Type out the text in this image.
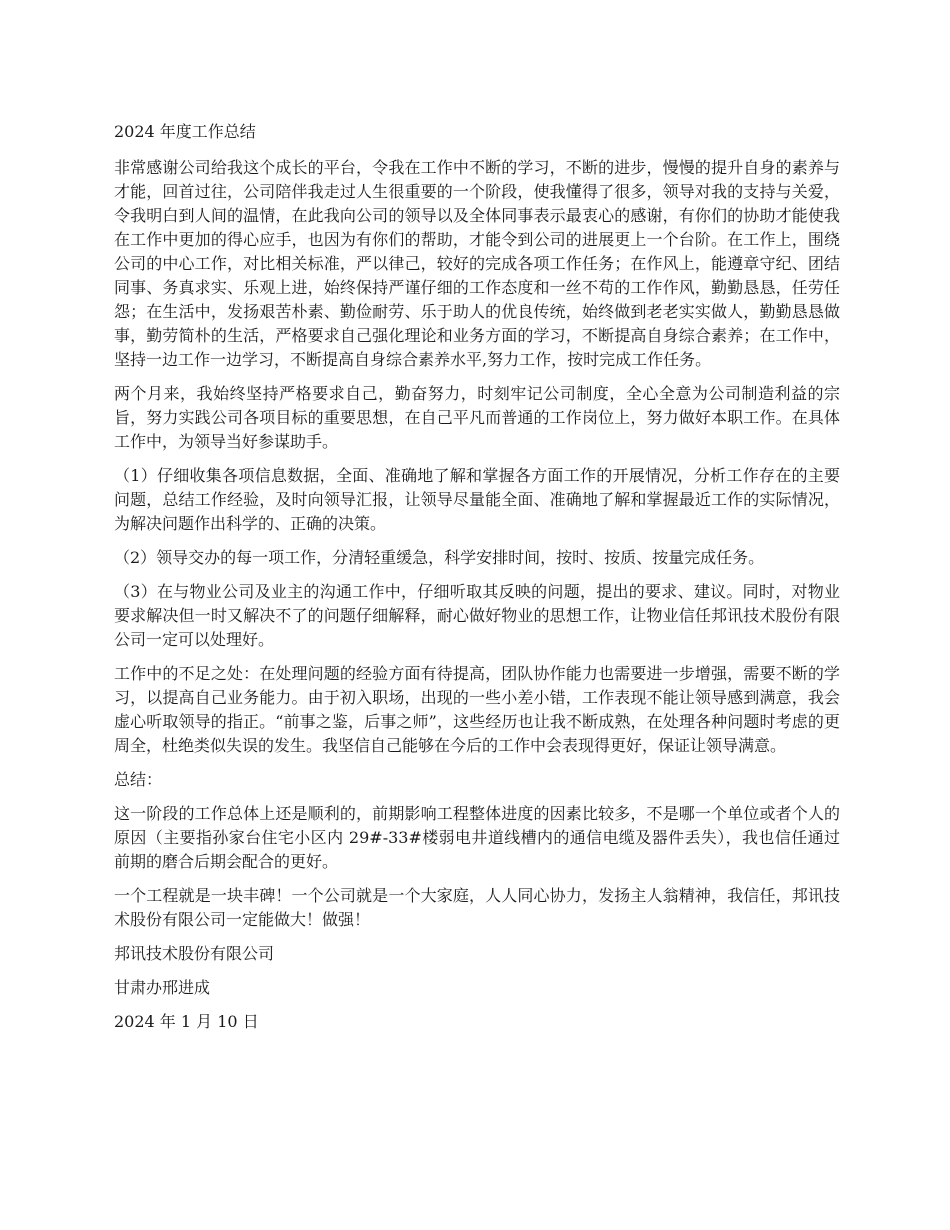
2024 年度工作总结

非常感谢公司给我这个成长的平台，令我在工作中不断的学习，不断的进步，慢慢的提升自身的素养与才能，回首过往，公司陪伴我走过人生很重要的一个阶段，使我懂得了很多，领导对我的支持与关爱，令我明白到人间的温情，在此我向公司的领导以及全体同事表示最衷心的感谢，有你们的协助才能使我在工作中更加的得心应手，也因为有你们的帮助，才能令到公司的进展更上一个台阶。在工作上，围绕公司的中心工作，对比相关标准，严以律己，较好的完成各项工作任务；在作风上，能遵章守纪、团结同事、务真求实、乐观上进，始终保持严谨仔细的工作态度和一丝不苟的工作作风，勤勤恳恳，任劳任怨；在生活中，发扬艰苦朴素、勤俭耐劳、乐于助人的优良传统，始终做到老老实实做人，勤勤恳恳做事，勤劳简朴的生活，严格要求自己强化理论和业务方面的学习，不断提高自身综合素养；在工作中，坚持一边工作一边学习，不断提高自身综合素养水平,努力工作，按时完成工作任务。

两个月来，我始终坚持严格要求自己，勤奋努力，时刻牢记公司制度，全心全意为公司制造利益的宗旨，努力实践公司各项目标的重要思想，在自己平凡而普通的工作岗位上，努力做好本职工作。在具体工作中，为领导当好参谋助手。

（1）仔细收集各项信息数据，全面、准确地了解和掌握各方面工作的开展情况，分析工作存在的主要问题，总结工作经验，及时向领导汇报，让领导尽量能全面、准确地了解和掌握最近工作的实际情况，为解决问题作出科学的、正确的决策。

（2）领导交办的每一项工作，分清轻重缓急，科学安排时间，按时、按质、按量完成任务。

（3）在与物业公司及业主的沟通工作中，仔细听取其反映的问题，提出的要求、建议。同时，对物业要求解决但一时又解决不了的问题仔细解释，耐心做好物业的思想工作，让物业信任邦讯技术股份有限公司一定可以处理好。

工作中的不足之处：在处理问题的经验方面有待提高，团队协作能力也需要进一步增强，需要不断的学习，以提高自己业务能力。由于初入职场，出现的一些小差小错，工作表现不能让领导感到满意，我会虚心听取领导的指正。“前事之鉴，后事之师”，这些经历也让我不断成熟，在处理各种问题时考虑的更周全，杜绝类似失误的发生。我坚信自己能够在今后的工作中会表现得更好，保证让领导满意。

总结：

这一阶段的工作总体上还是顺利的，前期影响工程整体进度的因素比较多，不是哪一个单位或者个人的原因（主要指孙家台住宅小区内 29#-33#楼弱电井道线槽内的通信电缆及器件丢失），我也信任通过前期的磨合后期会配合的更好。

一个工程就是一块丰碑！一个公司就是一个大家庭，人人同心协力，发扬主人翁精神，我信任，邦讯技术股份有限公司一定能做大！做强！

邦讯技术股份有限公司

甘肃办邢进成

2024 年 1 月 10 日
